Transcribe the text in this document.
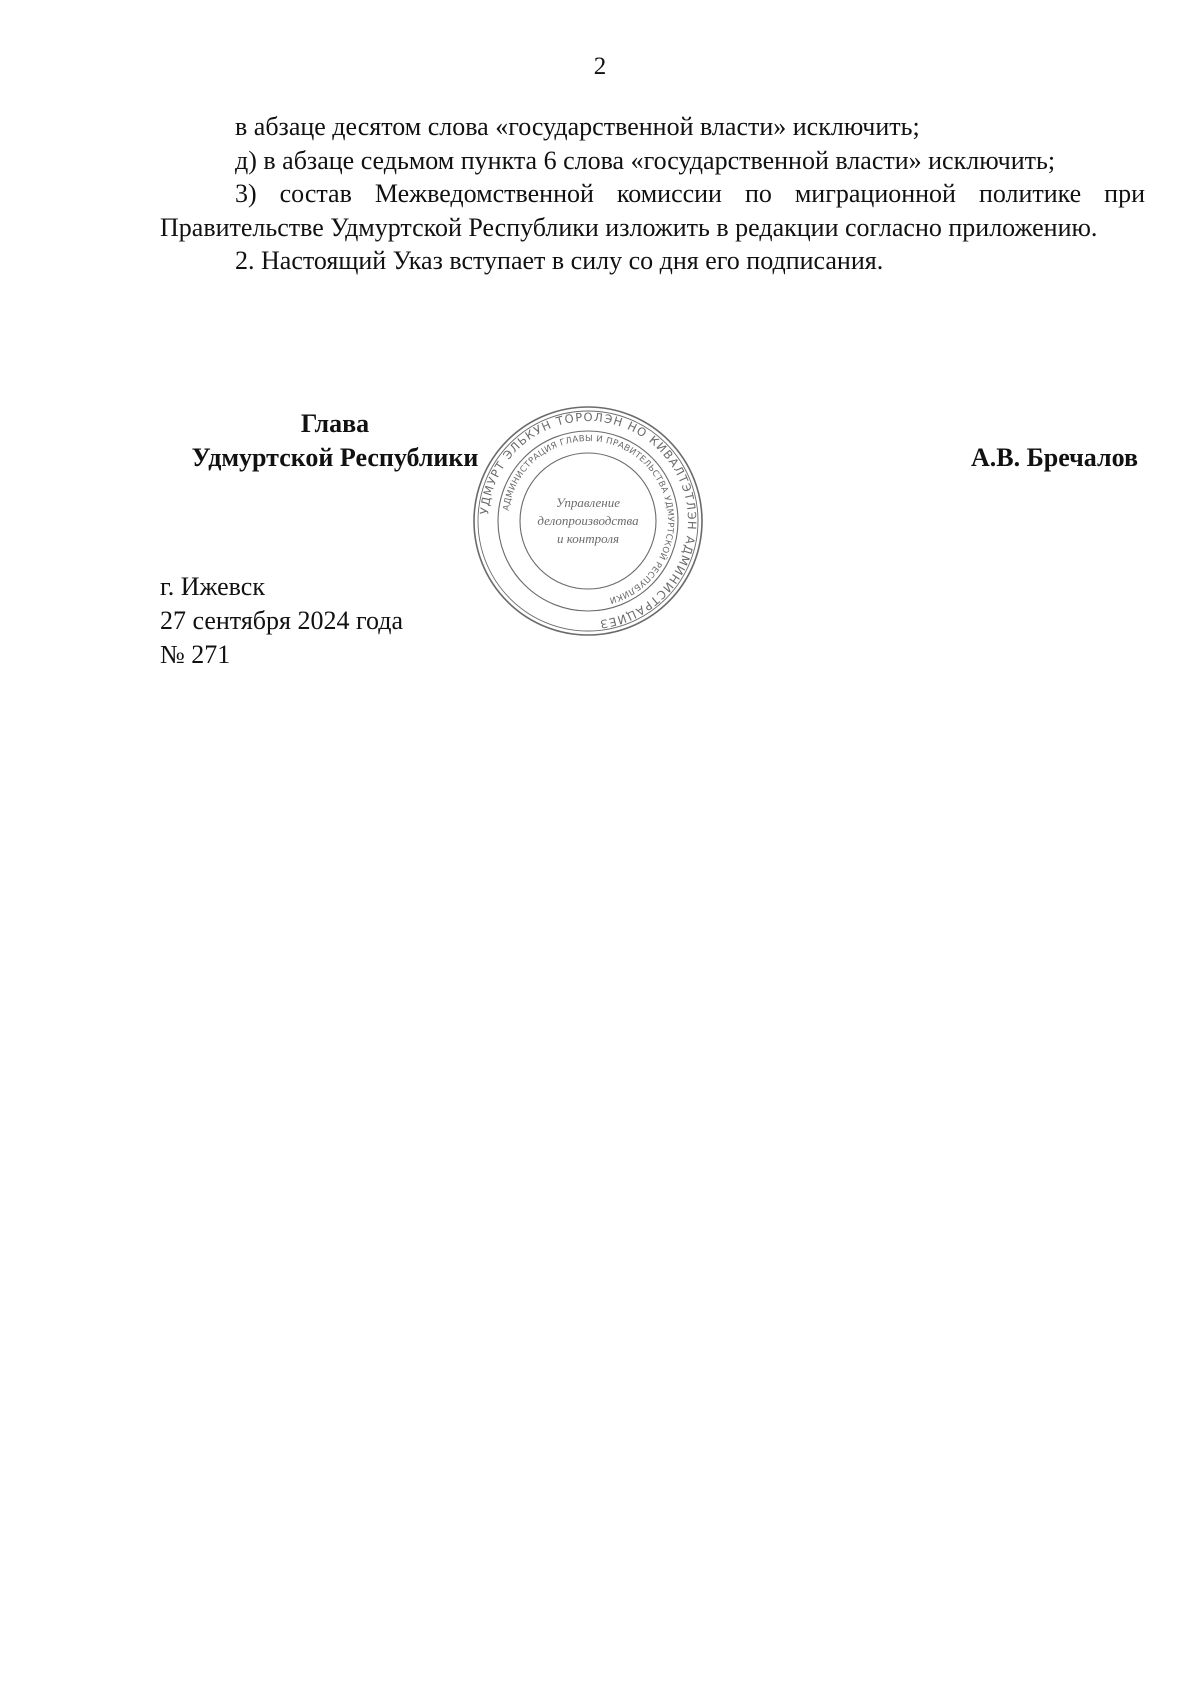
2

в абзаце десятом слова «государственной власти» исключить;

д) в абзаце седьмом пункта 6 слова «государственной власти» исключить;

3) состав Межведомственной комиссии по миграционной политике при Правительстве Удмуртской Республики изложить в редакции согласно приложению.

2. Настоящий Указ вступает в силу со дня его подписания.

Глава
Удмуртской Республики	А.В. Бречалов
УДМУРТ ЭЛЬКУН ТӦРОЛЭН НО КИВАЛТЭТЛЭН АДМИНИСТРАЦИЕЗ
АДМИНИСТРАЦИЯ ГЛАВЫ И ПРАВИТЕЛЬСТВА УДМУРТСКОЙ РЕСПУБЛИКИ
Управление
делопроизводства
и контроля
г. Ижевск
27 сентября 2024 года
№ 271
